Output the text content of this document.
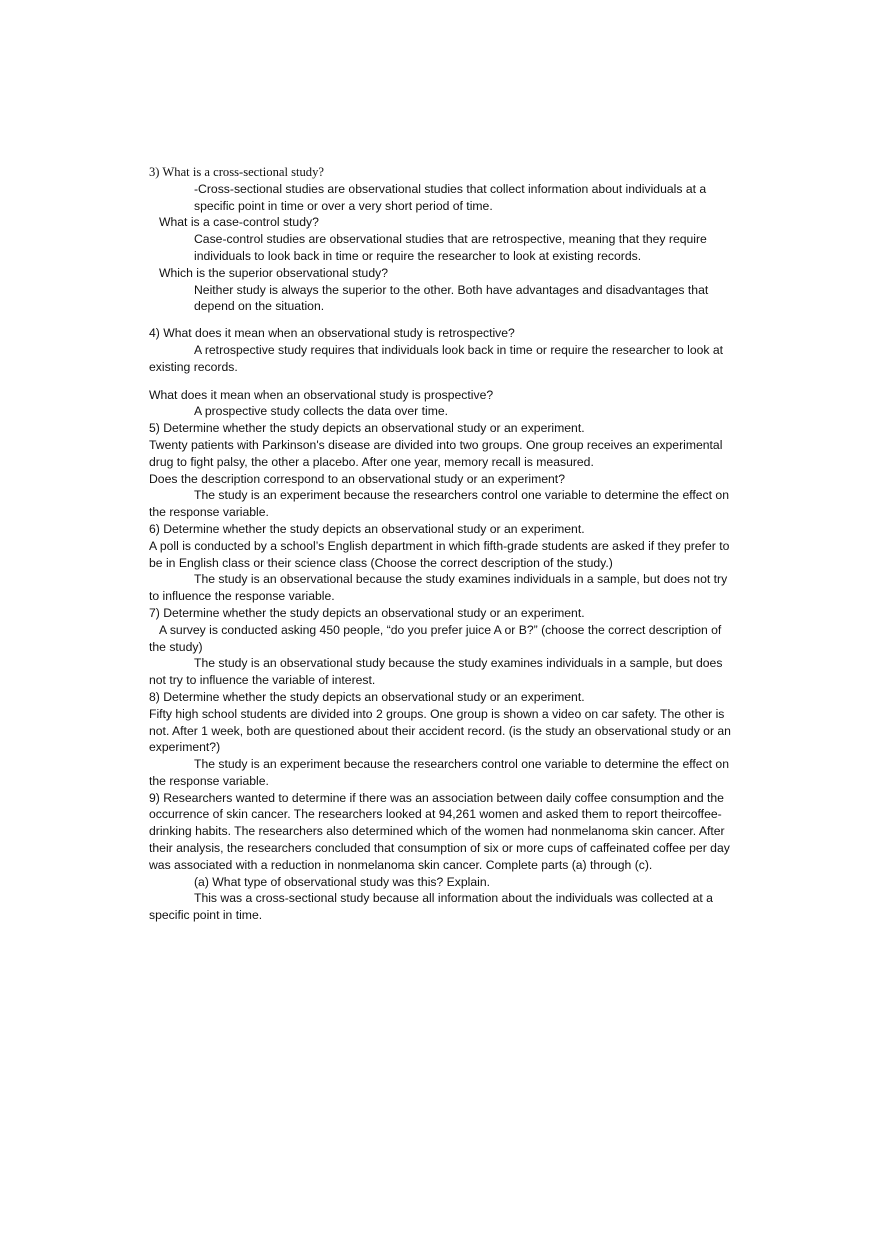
3) What is a cross-sectional study?

-Cross-sectional studies are observational studies that collect information about individuals at a specific point in time or over a very short period of time.

What is a case-control study?

Case-control studies are observational studies that are retrospective, meaning that they require individuals to look back in time or require the researcher to look at existing records.

Which is the superior observational study?

Neither study is always the superior to the other. Both have advantages and disadvantages that depend on the situation.

4) What does it mean when an observational study is retrospective?

A retrospective study requires that individuals look back in time or require the researcher to look at existing records.

What does it mean when an observational study is prospective?

A prospective study collects the data over time.

5) Determine whether the study depicts an observational study or an experiment.

Twenty patients with Parkinson's disease are divided into two groups. One group receives an experimental drug to fight palsy, the other a placebo. After one year, memory recall is measured.

Does the description correspond to an observational study or an experiment?

The study is an experiment because the researchers control one variable to determine the effect on the response variable.

6) Determine whether the study depicts an observational study or an experiment.

A poll is conducted by a school’s English department in which fifth-grade students are asked if they prefer to be in English class or their science class (Choose the correct description of the study.)

The study is an observational because the study examines individuals in a sample, but does not try to influence the response variable.

7) Determine whether the study depicts an observational study or an experiment.

A survey is conducted asking 450 people, “do you prefer juice A or B?” (choose the correct description of the study)

The study is an observational study because the study examines individuals in a sample, but does not try to influence the variable of interest.

8) Determine whether the study depicts an observational study or an experiment.

Fifty high school students are divided into 2 groups. One group is shown a video on car safety. The other is not. After 1 week, both are questioned about their accident record. (is the study an observational study or an experiment?)

The study is an experiment because the researchers control one variable to determine the effect on the response variable.

9) Researchers wanted to determine if there was an association between daily coffee consumption and the occurrence of skin cancer. The researchers looked at 94,261 women and asked them to report theircoffee-drinking habits. The researchers also determined which of the women had nonmelanoma skin cancer. After their analysis, the researchers concluded that consumption of six or more cups of caffeinated coffee per day was associated with a reduction in nonmelanoma skin cancer. Complete parts (a) through (c).

(a) What type of observational study was this? Explain.

This was a cross-sectional study because all information about the individuals was collected at a specific point in time.
